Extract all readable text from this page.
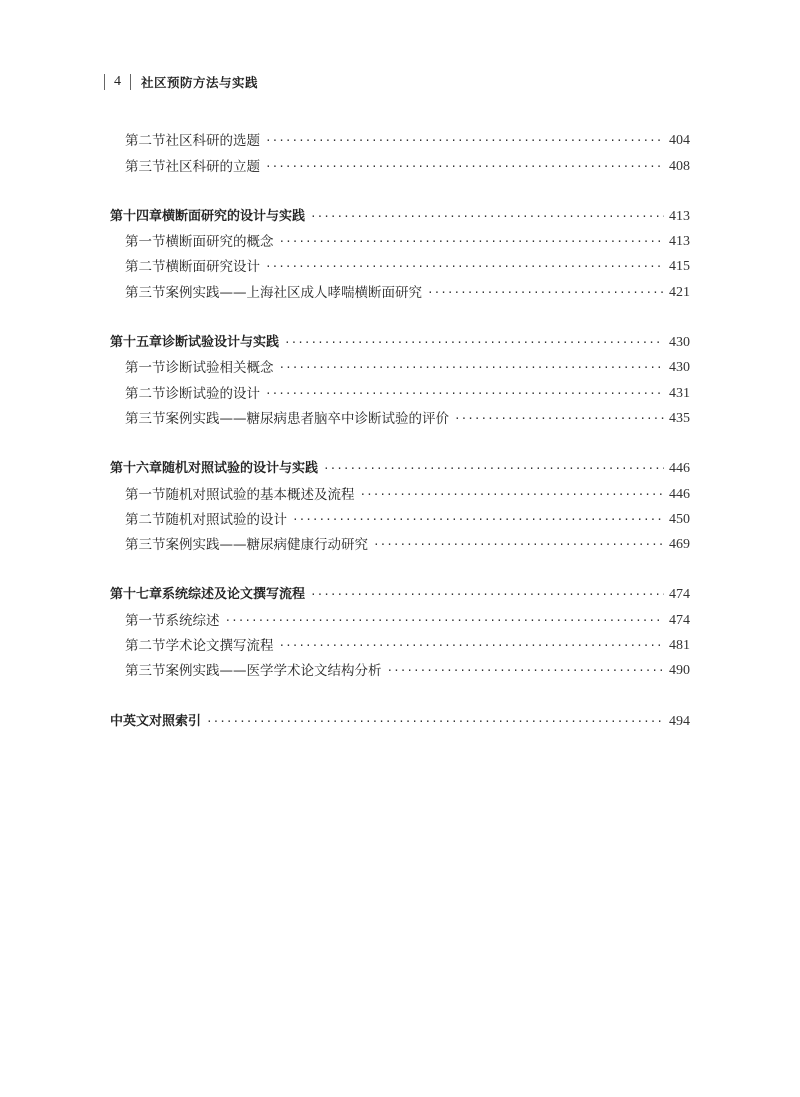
4 社区预防方法与实践
第二节 社区科研的选题 ·····	404
第三节 社区科研的立题 ·····	408
第十四章 横断面研究的设计与实践 ·····	413
第一节 横断面研究的概念 ·····	413
第二节 横断面研究设计 ·····	415
第三节 案例实践——上海社区成人哮喘横断面研究 ·····	421
第十五章 诊断试验设计与实践 ·····	430
第一节 诊断试验相关概念 ·····	430
第二节 诊断试验的设计 ·····	431
第三节 案例实践——糖尿病患者脑卒中诊断试验的评价 ·····	435
第十六章 随机对照试验的设计与实践 ·····	446
第一节 随机对照试验的基本概述及流程 ·····	446
第二节 随机对照试验的设计 ·····	450
第三节 案例实践——糖尿病健康行动研究 ·····	469
第十七章 系统综述及论文撰写流程 ·····	474
第一节 系统综述 ·····	474
第二节 学术论文撰写流程 ·····	481
第三节 案例实践——医学学术论文结构分析 ·····	490
中英文对照索引 ·····	494
